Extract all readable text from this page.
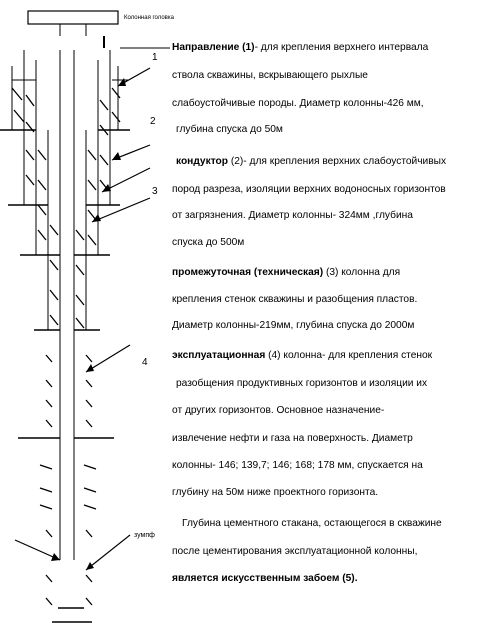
Колонная головка
1
2
3
4
зумпф
Направление (1)- для крепления верхнего интервала
ствола скважины, вскрывающего рыхлые
слабоустойчивые породы. Диаметр колонны-426 мм,
глубина спуска до 50м
кондуктор (2)- для крепления верхних слабоустойчивых
пород разреза, изоляции верхних водоносных горизонтов
от загрязнения. Диаметр колонны- 324мм ,глубина
спуска до 500м
промежуточная (техническая) (3) колонна для
крепления стенок скважины и разобщения пластов.
Диаметр колонны-219мм, глубина спуска до 2000м
эксплуатационная (4) колонна- для крепления стенок
разобщения продуктивных горизонтов и изоляции их
от других горизонтов. Основное назначение-
извлечение нефти и газа на поверхность. Диаметр
колонны- 146; 139,7; 146; 168; 178 мм, спускается на
глубину на 50м ниже проектного горизонта.
Глубина цементного стакана, остающегося в скважине
после цементирования эксплуатационной колонны,
является искусственным забоем (5).
